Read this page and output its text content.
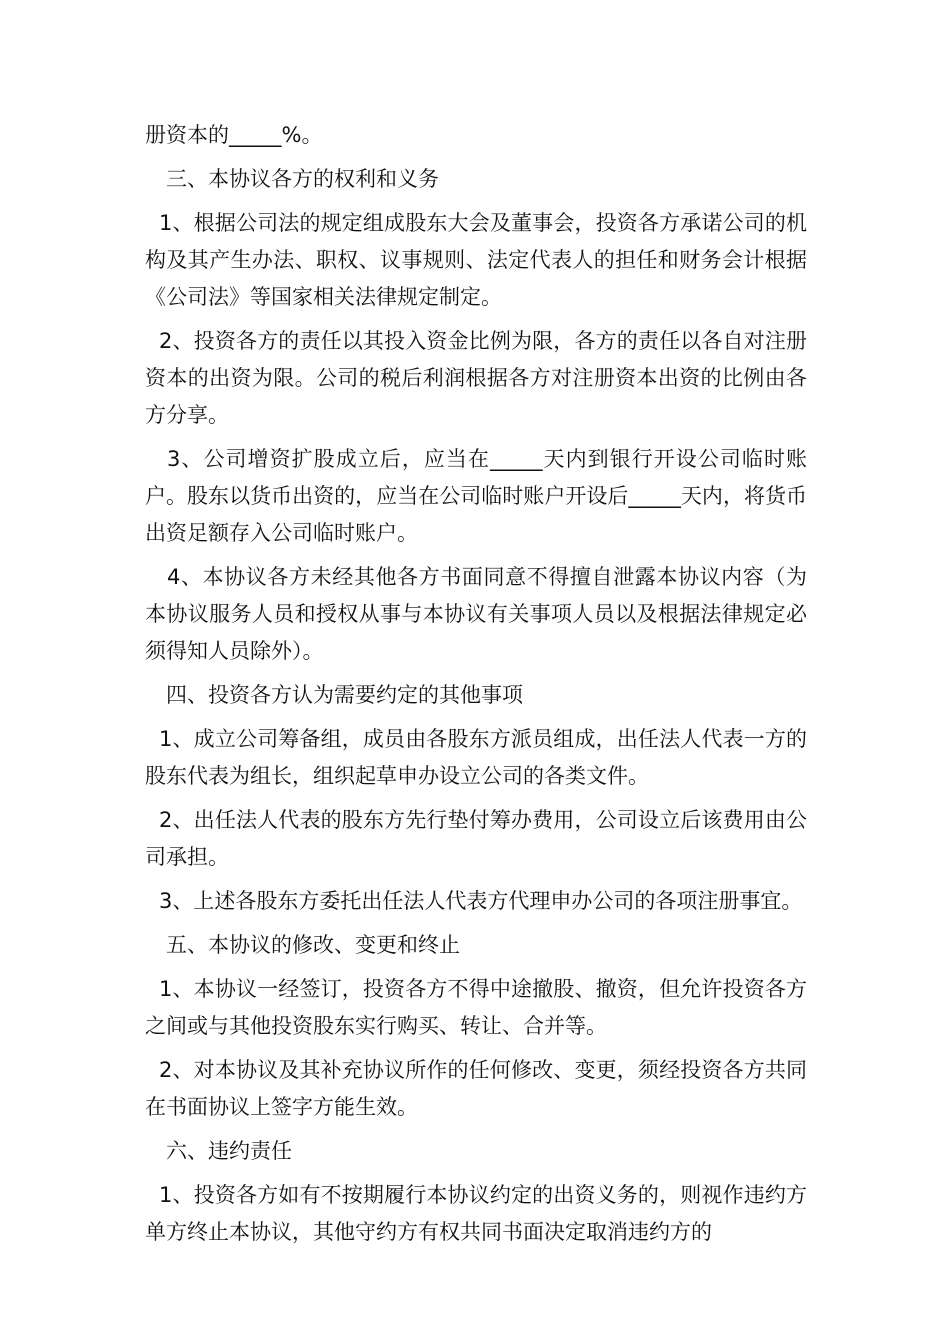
册资本的_____%。

三、本协议各方的权利和义务

1、根据公司法的规定组成股东大会及董事会，投资各方承诺公司的机构及其产生办法、职权、议事规则、法定代表人的担任和财务会计根据《公司法》等国家相关法律规定制定。

2、投资各方的责任以其投入资金比例为限，各方的责任以各自对注册资本的出资为限。公司的税后利润根据各方对注册资本出资的比例由各方分享。

3、公司增资扩股成立后，应当在_____天内到银行开设公司临时账户。股东以货币出资的，应当在公司临时账户开设后_____天内，将货币出资足额存入公司临时账户。

4、本协议各方未经其他各方书面同意不得擅自泄露本协议内容（为本协议服务人员和授权从事与本协议有关事项人员以及根据法律规定必须得知人员除外）。

四、投资各方认为需要约定的其他事项

1、成立公司筹备组，成员由各股东方派员组成，出任法人代表一方的股东代表为组长，组织起草申办设立公司的各类文件。

2、出任法人代表的股东方先行垫付筹办费用，公司设立后该费用由公司承担。

3、上述各股东方委托出任法人代表方代理申办公司的各项注册事宜。

五、本协议的修改、变更和终止

1、本协议一经签订，投资各方不得中途撤股、撤资，但允许投资各方之间或与其他投资股东实行购买、转让、合并等。

2、对本协议及其补充协议所作的任何修改、变更，须经投资各方共同在书面协议上签字方能生效。

六、违约责任

1、投资各方如有不按期履行本协议约定的出资义务的，则视作违约方单方终止本协议，其他守约方有权共同书面决定取消违约方的
